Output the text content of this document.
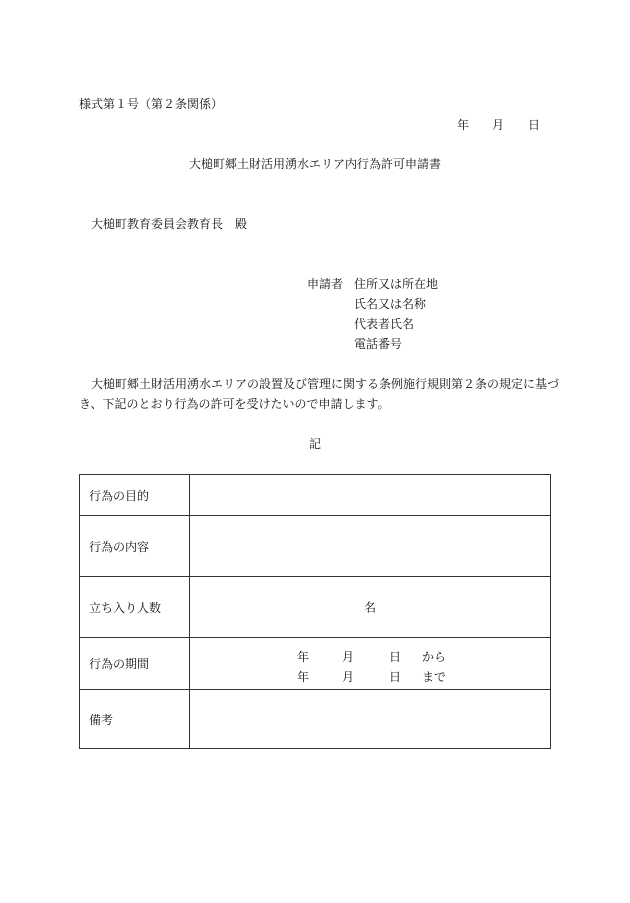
様式第１号（第２条関係）
年 月 日
大槌町郷土財活用湧水エリア内行為許可申請書
大槌町教育委員会教育長　殿
申請者 住所又は所在地
氏名又は名称
代表者氏名
電話番号
大槌町郷土財活用湧水エリアの設置及び管理に関する条例施行規則第２条の規定に基づ
き、下記のとおり行為の許可を受けたいので申請します。
記
行為の目的
行為の内容
立ち入り人数	名
行為の期間	年	月	日 から
年	月	日 まで
備考
